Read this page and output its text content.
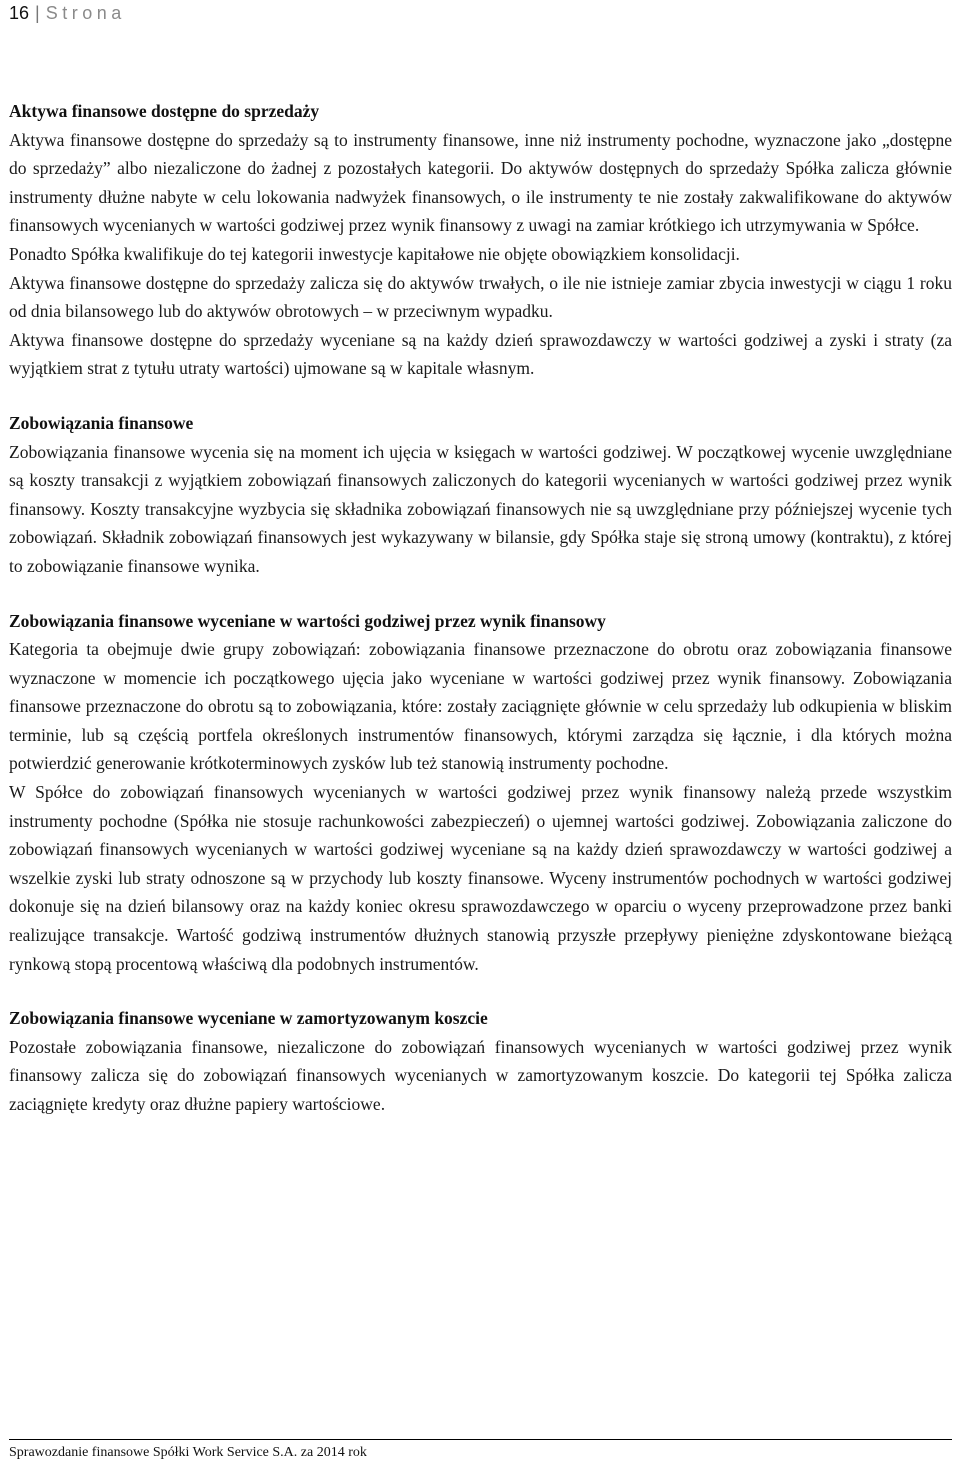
16 | Strona
Aktywa finansowe dostępne do sprzedaży

Aktywa finansowe dostępne do sprzedaży są to instrumenty finansowe, inne niż instrumenty pochodne, wyznaczone jako „dostępne do sprzedaży” albo niezaliczone do żadnej z pozostałych kategorii. Do aktywów dostępnych do sprzedaży Spółka zalicza głównie instrumenty dłużne nabyte w celu lokowania nadwyżek finansowych, o ile instrumenty te nie zostały zakwalifikowane do aktywów finansowych wycenianych w wartości godziwej przez wynik finansowy z uwagi na zamiar krótkiego ich utrzymywania w Spółce.

Ponadto Spółka kwalifikuje do tej kategorii inwestycje kapitałowe nie objęte obowiązkiem konsolidacji.

Aktywa finansowe dostępne do sprzedaży zalicza się do aktywów trwałych, o ile nie istnieje zamiar zbycia inwestycji w ciągu 1 roku od dnia bilansowego lub do aktywów obrotowych – w przeciwnym wypadku.

Aktywa finansowe dostępne do sprzedaży wyceniane są na każdy dzień sprawozdawczy w wartości godziwej a zyski i straty (za wyjątkiem strat z tytułu utraty wartości) ujmowane są w kapitale własnym.

Zobowiązania finansowe

Zobowiązania finansowe wycenia się na moment ich ujęcia w księgach w wartości godziwej. W początkowej wycenie uwzględniane są koszty transakcji z wyjątkiem zobowiązań finansowych zaliczonych do kategorii wycenianych w wartości godziwej przez wynik finansowy. Koszty transakcyjne wyzbycia się składnika zobowiązań finansowych nie są uwzględniane przy późniejszej wycenie tych zobowiązań. Składnik zobowiązań finansowych jest wykazywany w bilansie, gdy Spółka staje się stroną umowy (kontraktu), z której to zobowiązanie finansowe wynika.

Zobowiązania finansowe wyceniane w wartości godziwej przez wynik finansowy

Kategoria ta obejmuje dwie grupy zobowiązań: zobowiązania finansowe przeznaczone do obrotu oraz zobowiązania finansowe wyznaczone w momencie ich początkowego ujęcia jako wyceniane w wartości godziwej przez wynik finansowy. Zobowiązania finansowe przeznaczone do obrotu są to zobowiązania, które: zostały zaciągnięte głównie w celu sprzedaży lub odkupienia w bliskim terminie, lub są częścią portfela określonych instrumentów finansowych, którymi zarządza się łącznie, i dla których można potwierdzić generowanie krótkoterminowych zysków lub też stanowią instrumenty pochodne.

W Spółce do zobowiązań finansowych wycenianych w wartości godziwej przez wynik finansowy należą przede wszystkim instrumenty pochodne (Spółka nie stosuje rachunkowości zabezpieczeń) o ujemnej wartości godziwej. Zobowiązania zaliczone do zobowiązań finansowych wycenianych w wartości godziwej wyceniane są na każdy dzień sprawozdawczy w wartości godziwej a wszelkie zyski lub straty odnoszone są w przychody lub koszty finansowe. Wyceny instrumentów pochodnych w wartości godziwej dokonuje się na dzień bilansowy oraz na każdy koniec okresu sprawozdawczego w oparciu o wyceny przeprowadzone przez banki realizujące transakcje. Wartość godziwą instrumentów dłużnych stanowią przyszłe przepływy pieniężne zdyskontowane bieżącą rynkową stopą procentową właściwą dla podobnych instrumentów.

Zobowiązania finansowe wyceniane w zamortyzowanym koszcie

Pozostałe zobowiązania finansowe, niezaliczone do zobowiązań finansowych wycenianych w wartości godziwej przez wynik finansowy zalicza się do zobowiązań finansowych wycenianych w zamortyzowanym koszcie. Do kategorii tej Spółka zalicza zaciągnięte kredyty oraz dłużne papiery wartościowe.

Sprawozdanie finansowe Spółki Work Service S.A. za 2014 rok
